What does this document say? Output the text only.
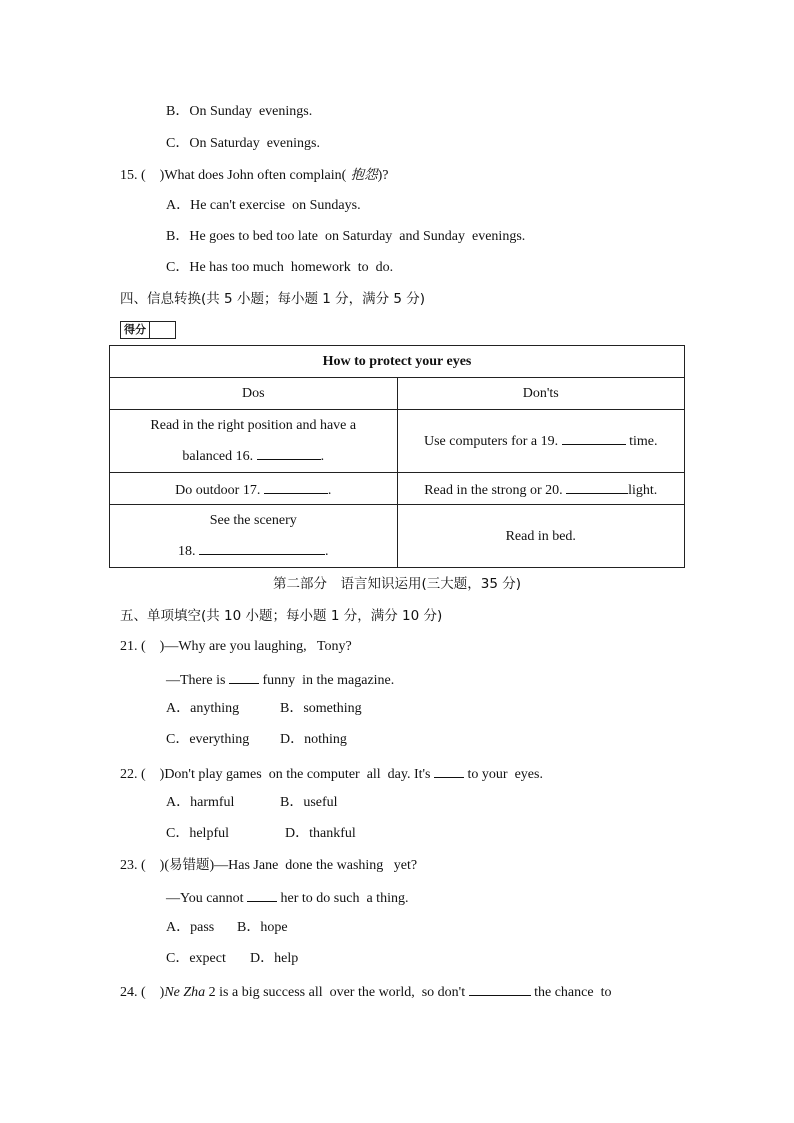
B．On Sunday  evenings.
C．On Saturday  evenings.
15. (    )What does John often complain( 抱怨)?
A．He can't exercise  on Sundays.
B．He goes to bed too late  on Saturday  and Sunday  evenings.
C．He has too much  homework  to  do.
四、信息转换(共 5 小题；每小题 1 分，满分 5 分)
得分
How to protect your eyes	
Dos	Don'ts
Read in the right position and have a
balanced 16. .	Use computers for a 19. time.
Do outdoor 17. .	Read in the strong or 20. light.
See the scenery
18. .	Read in bed.
第二部分　语言知识运用(三大题，35 分)
五、单项填空(共 10 小题；每小题 1 分，满分 10 分)
21. (    )—Why are you laughing,   Tony?
—There is  funny  in the magazine.
A．anything	B．something
C．everything D．nothing
22. (    )Don't play games  on the computer  all  day. It's  to your  eyes.
A．harmful	B．useful
C．helpful	D．thankful
23. (    )(易错题)—Has Jane  done the washing   yet?
—You cannot  her to do such  a thing.
A．pass B．hope
C．expect D．help
24. (    )Ne Zha 2 is a big success all  over the world,  so don't	the chance  to
